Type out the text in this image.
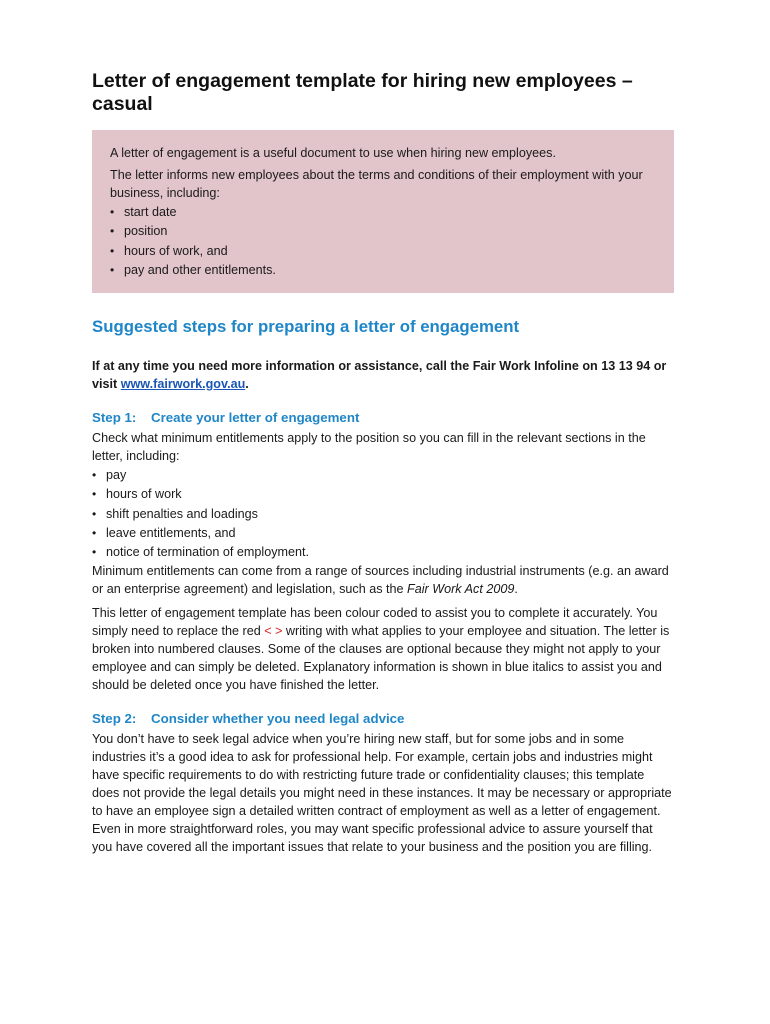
Letter of engagement template for hiring new employees – casual

A letter of engagement is a useful document to use when hiring new employees.

The letter informs new employees about the terms and conditions of their employment with your business, including:

• start date
• position
• hours of work, and
• pay and other entitlements.
Suggested steps for preparing a letter of engagement

If at any time you need more information or assistance, call the Fair Work Infoline on 13 13 94 or visit www.fairwork.gov.au.

Step 1: Create your letter of engagement

Check what minimum entitlements apply to the position so you can fill in the relevant sections in the letter, including:

• pay
• hours of work
• shift penalties and loadings
• leave entitlements, and
• notice of termination of employment.

Minimum entitlements can come from a range of sources including industrial instruments (e.g. an award or an enterprise agreement) and legislation, such as the Fair Work Act 2009.

This letter of engagement template has been colour coded to assist you to complete it accurately. You simply need to replace the red < > writing with what applies to your employee and situation. The letter is broken into numbered clauses. Some of the clauses are optional because they might not apply to your employee and can simply be deleted. Explanatory information is shown in blue italics to assist you and should be deleted once you have finished the letter.

Step 2: Consider whether you need legal advice

You don’t have to seek legal advice when you’re hiring new staff, but for some jobs and in some industries it’s a good idea to ask for professional help. For example, certain jobs and industries might have specific requirements to do with restricting future trade or confidentiality clauses; this template does not provide the legal details you might need in these instances. It may be necessary or appropriate to have an employee sign a detailed written contract of employment as well as a letter of engagement. Even in more straightforward roles, you may want specific professional advice to assure yourself that you have covered all the important issues that relate to your business and the position you are filling.
